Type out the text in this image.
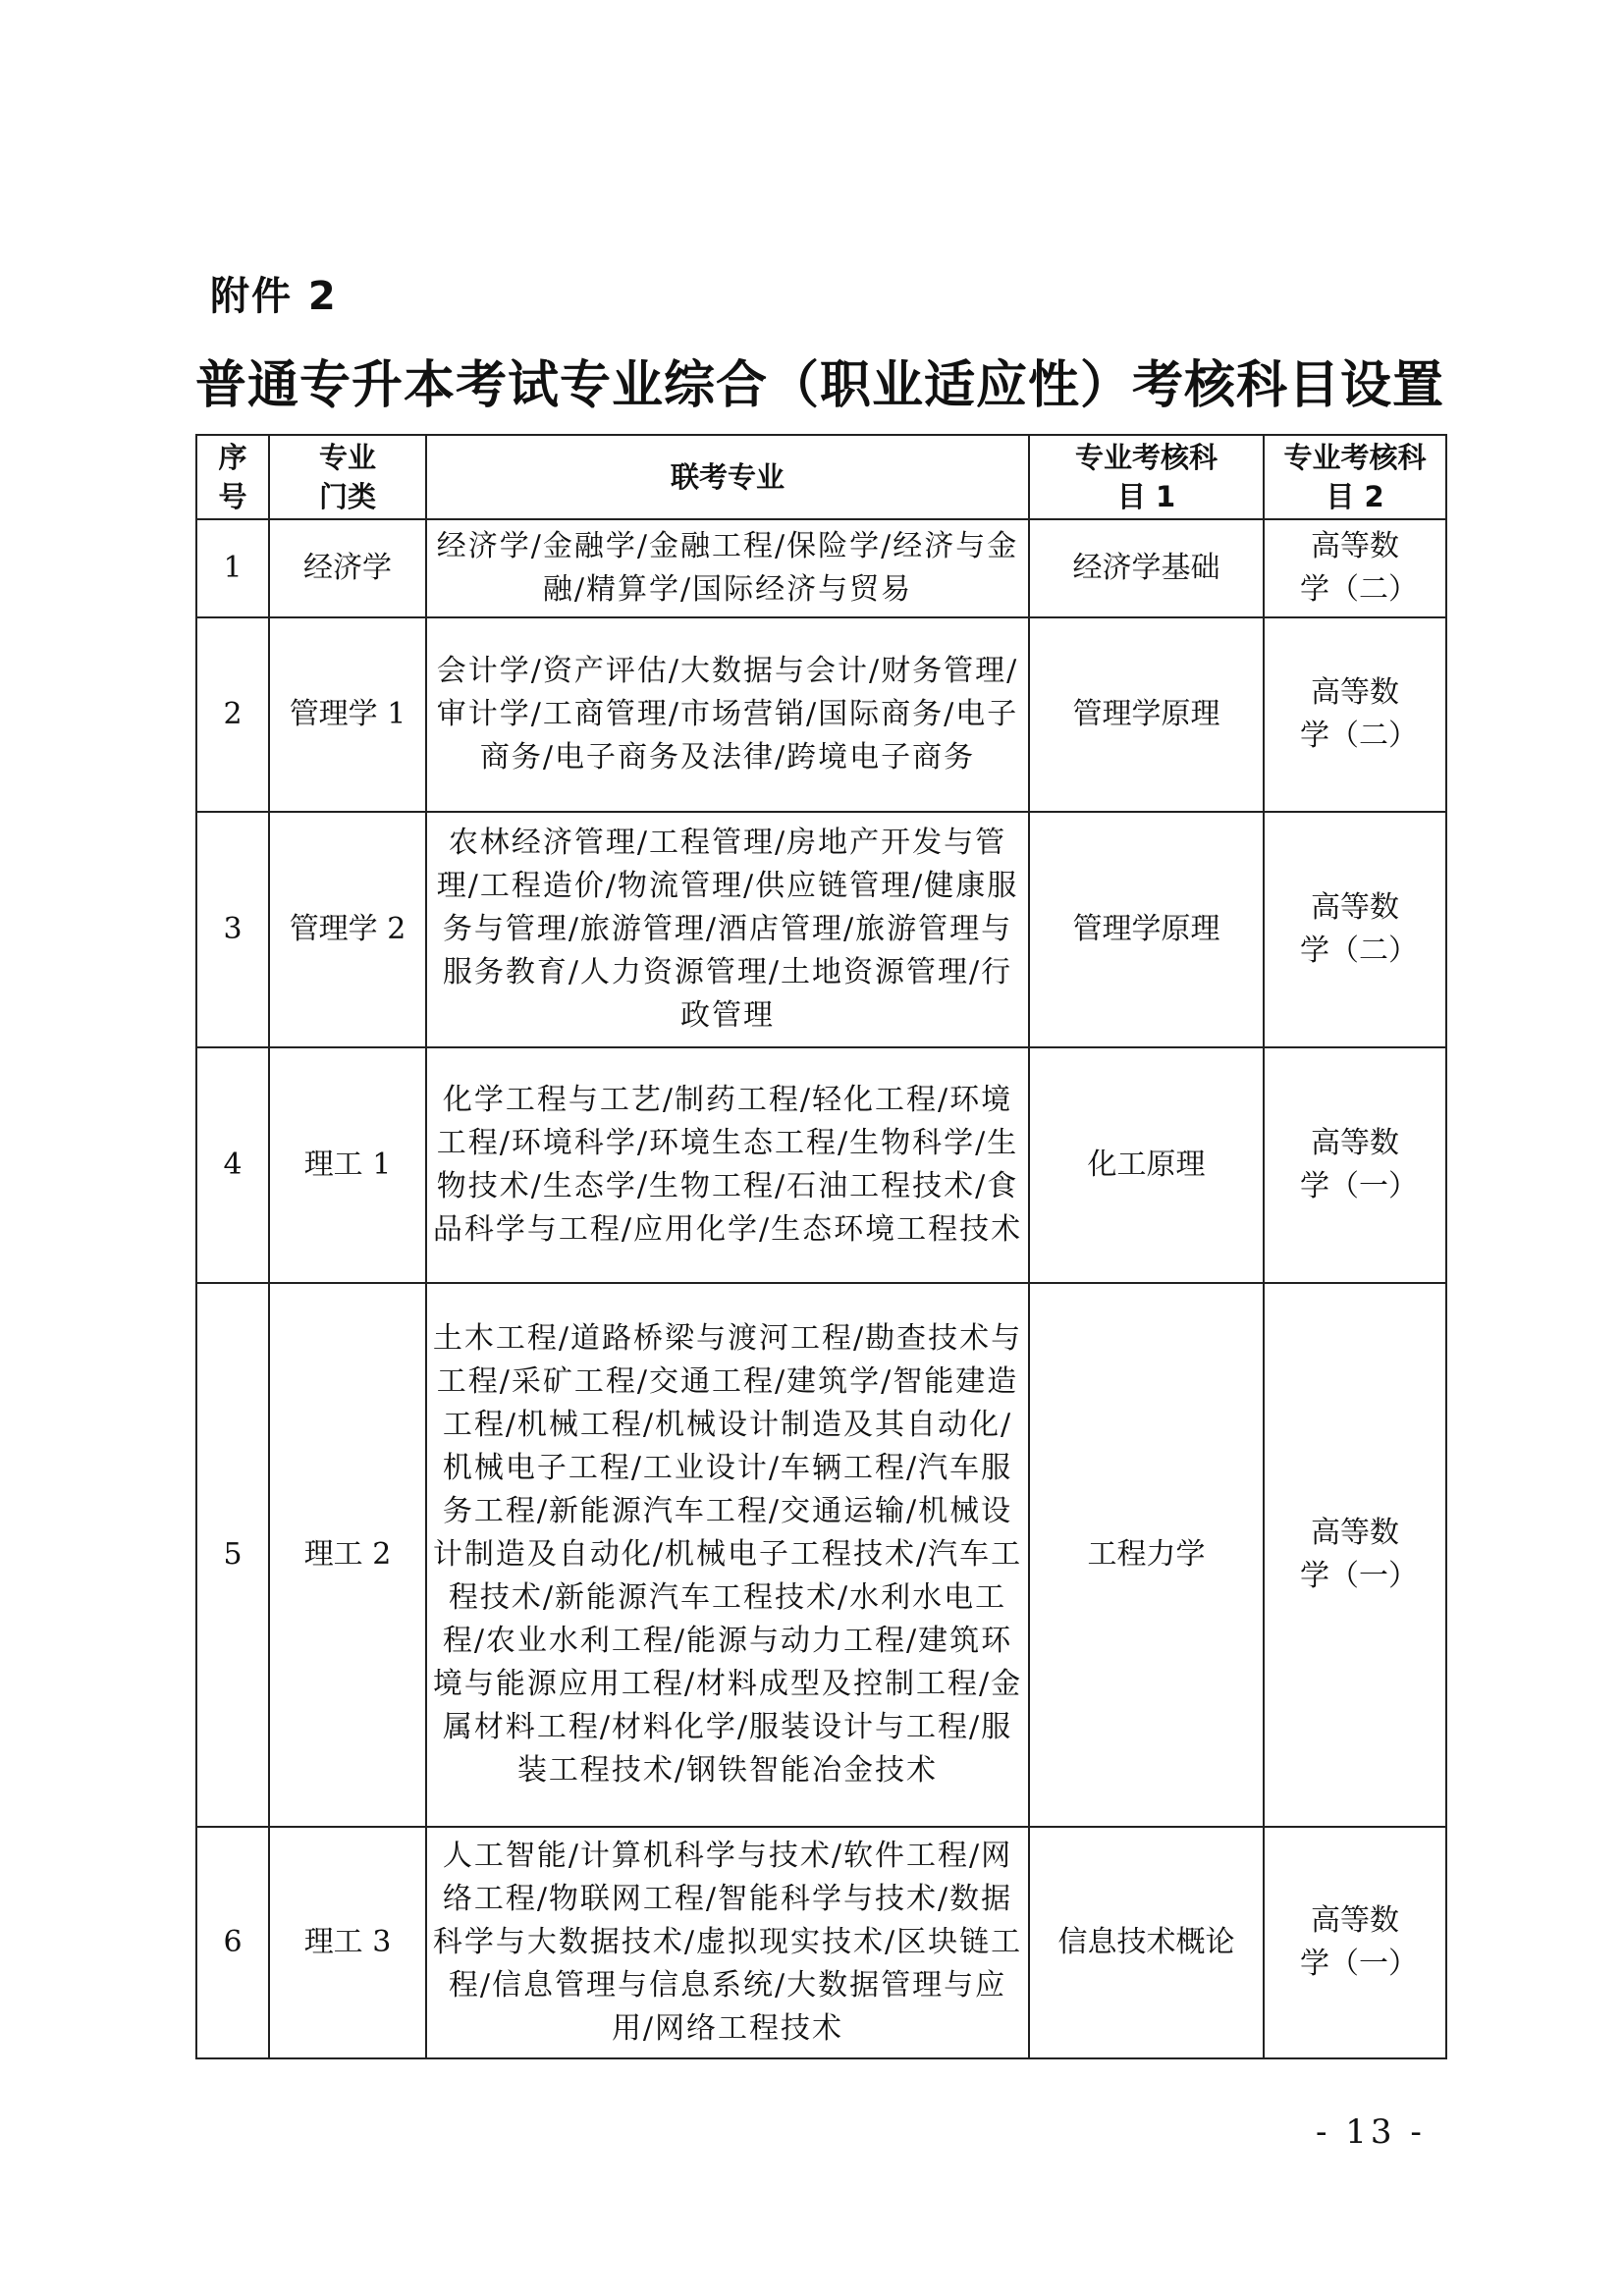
附件 2
普通专升本考试专业综合（职业适应性）考核科目设置
序号	专业门类	联考专业	专业考核科目 1	专业考核科目 2
1	经济学	经济学/金融学/金融工程/保险学/经济与金融/精算学/国际经济与贸易	经济学基础	高等数学（二）
2	管理学 1	会计学/资产评估/大数据与会计/财务管理/审计学/工商管理/市场营销/国际商务/电子商务/电子商务及法律/跨境电子商务	管理学原理	高等数学（二）
3	管理学 2	农林经济管理/工程管理/房地产开发与管理/工程造价/物流管理/供应链管理/健康服务与管理/旅游管理/酒店管理/旅游管理与服务教育/人力资源管理/土地资源管理/行政管理	管理学原理	高等数学（二）
4	理工 1	化学工程与工艺/制药工程/轻化工程/环境工程/环境科学/环境生态工程/生物科学/生物技术/生态学/生物工程/石油工程技术/食品科学与工程/应用化学/生态环境工程技术	化工原理	高等数学（一）
5	理工 2	土木工程/道路桥梁与渡河工程/勘查技术与工程/采矿工程/交通工程/建筑学/智能建造工程/机械工程/机械设计制造及其自动化/机械电子工程/工业设计/车辆工程/汽车服务工程/新能源汽车工程/交通运输/机械设计制造及自动化/机械电子工程技术/汽车工程技术/新能源汽车工程技术/水利水电工程/农业水利工程/能源与动力工程/建筑环境与能源应用工程/材料成型及控制工程/金属材料工程/材料化学/服装设计与工程/服装工程技术/钢铁智能冶金技术	工程力学	高等数学（一）
6	理工 3	人工智能/计算机科学与技术/软件工程/网络工程/物联网工程/智能科学与技术/数据科学与大数据技术/虚拟现实技术/区块链工程/信息管理与信息系统/大数据管理与应用/网络工程技术	信息技术概论	高等数学（一）
- 13 -
